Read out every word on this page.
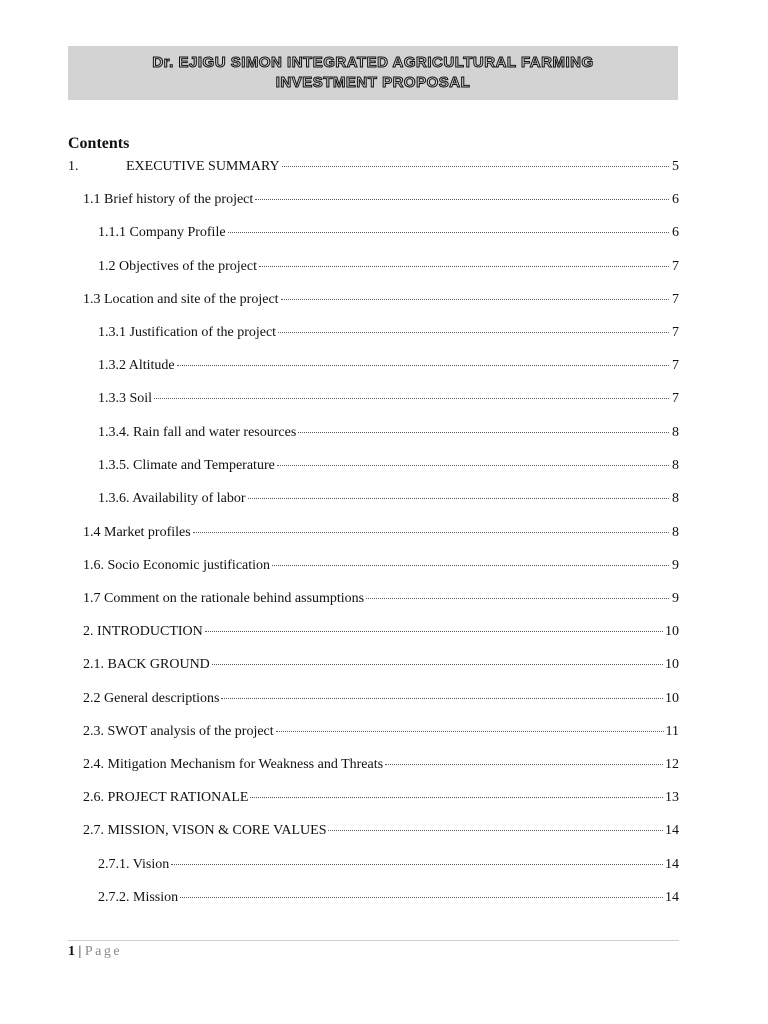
Dr. EJIGU SIMON INTEGRATED AGRICULTURAL FARMING
INVESTMENT PROPOSAL
Contents
1.	EXECUTIVE SUMMARY	5
1.1 Brief history of the project	6
1.1.1 Company Profile	6
1.2 Objectives of the project	7
1.3 Location and site of the project	7
1.3.1 Justification of the project	7
1.3.2 Altitude	7
1.3.3 Soil	7
1.3.4. Rain fall and water resources	8
1.3.5. Climate and Temperature	8
1.3.6. Availability of labor	8
1.4 Market profiles	8
1.6. Socio Economic justification	9
1.7 Comment on the rationale behind assumptions	9
2. INTRODUCTION	10
2.1. BACK GROUND	10
2.2 General descriptions	10
2.3. SWOT analysis of the project	11
2.4. Mitigation Mechanism for Weakness and Threats	12
2.6. PROJECT RATIONALE	13
2.7. MISSION, VISON & CORE VALUES	14
2.7.1. Vision	14
2.7.2. Mission	14
1 | Page
